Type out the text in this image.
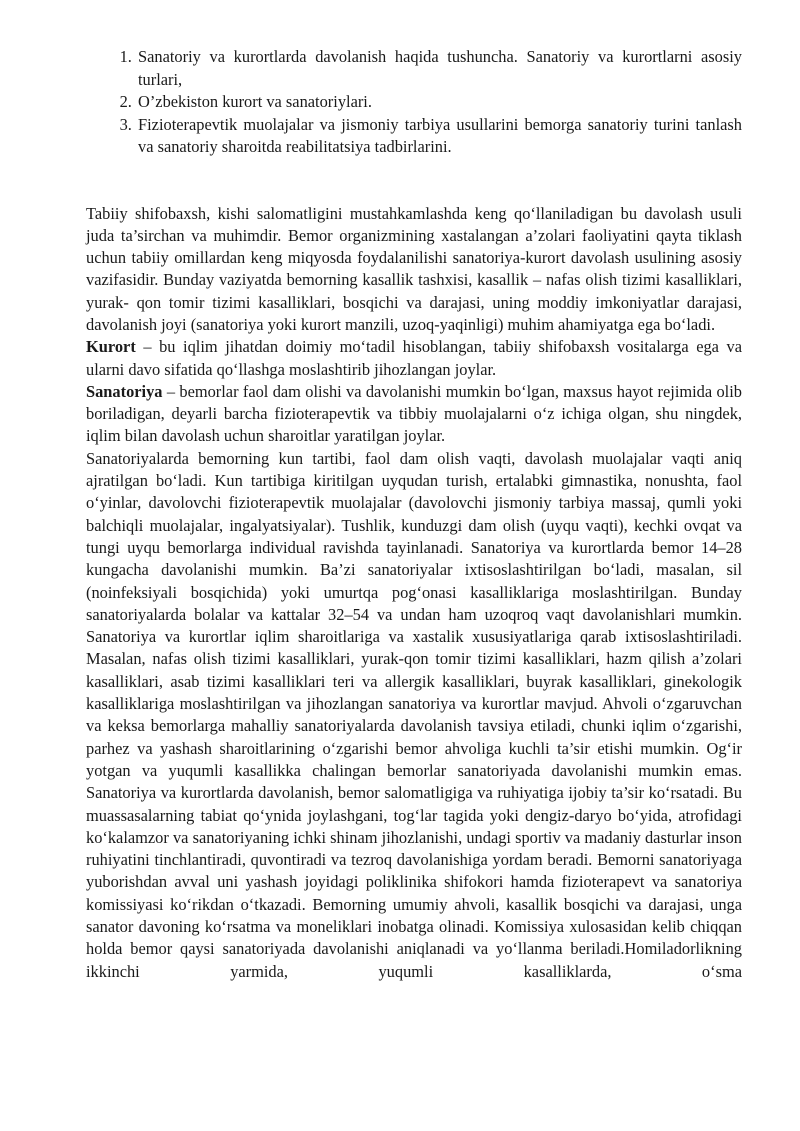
1. Sanatoriy va kurortlarda davolanish haqida tushuncha. Sanatoriy va kurortlarni asosiy turlari,
2. O’zbekiston kurort va sanatoriylari.
3. Fizioterapevtik muolajalar va jismoniy tarbiya usullarini bemorga sanatoriy turini tanlash va sanatoriy sharoitda reabilitatsiya tadbirlarini.

Tabiiy shifobaxsh, kishi salomatligini mustahkamlashda keng qo‘llaniladigan bu davolash usuli juda ta’sirchan va muhimdir. Bemor organizmining xastalangan a’zolari faoliyatini qayta tiklash uchun tabiiy omillardan keng miqyosda foydalanilishi sanatoriya-kurort davolash usulining asosiy vazifasidir. Bunday vaziyatda bemorning kasallik tashxisi, kasallik – nafas olish tizimi kasalliklari, yurak- qon tomir tizimi kasalliklari, bosqichi va darajasi, uning moddiy imkoniyatlar darajasi, davolanish joyi (sanatoriya yoki kurort manzili, uzoq-yaqinligi) muhim ahamiyatga ega bo‘ladi.

Kurort – bu iqlim jihatdan doimiy mo‘tadil hisoblangan, tabiiy shifobaxsh vositalarga ega va ularni davo sifatida qo‘llashga moslashtirib jihozlangan joylar.

Sanatoriya – bemorlar faol dam olishi va davolanishi mumkin bo‘lgan, maxsus hayot rejimida olib boriladigan, deyarli barcha fizioterapevtik va tibbiy muolajalarni o‘z ichiga olgan, shu ningdek, iqlim bilan davolash uchun sharoitlar yaratilgan joylar.

Sanatoriyalarda bemorning kun tartibi, faol dam olish vaqti, davolash muolajalar vaqti aniq ajratilgan bo‘ladi. Kun tartibiga kiritilgan uyqudan turish, ertalabki gimnastika, nonushta, faol o‘yinlar, davolovchi fizioterapevtik muolajalar (davolovchi jismoniy tarbiya massaj, qumli yoki balchiqli muolajalar, ingalyatsiyalar). Tushlik, kunduzgi dam olish (uyqu vaqti), kechki ovqat va tungi uyqu bemorlarga individual ravishda tayinlanadi. Sanatoriya va kurortlarda bemor 14–28 kungacha davolanishi mumkin. Ba’zi sanatoriyalar ixtisoslashtirilgan bo‘ladi, masalan, sil (noinfeksiyali bosqichida) yoki umurtqa pog‘onasi kasalliklariga moslashtirilgan. Bunday sanatoriyalarda bolalar va kattalar 32–54 va undan ham uzoqroq vaqt davolanishlari mumkin. Sanatoriya va kurortlar iqlim sharoitlariga va xastalik xususiyatlariga qarab ixtisoslashtiriladi. Masalan, nafas olish tizimi kasalliklari, yurak-qon tomir tizimi kasalliklari, hazm qilish a’zolari kasalliklari, asab tizimi kasalliklari teri va allergik kasalliklari, buyrak kasalliklari, ginekologik kasalliklariga moslashtirilgan va jihozlangan sanatoriya va kurortlar mavjud. Ahvoli o‘zgaruvchan va keksa bemorlarga mahalliy sanatoriyalarda davolanish tavsiya etiladi, chunki iqlim o‘zgarishi, parhez va yashash sharoitlarining o‘zgarishi bemor ahvoliga kuchli ta’sir etishi mumkin. Og‘ir yotgan va yuqumli kasallikka chalingan bemorlar sanatoriyada davolanishi mumkin emas. Sanatoriya va kurortlarda davolanish, bemor salomatligiga va ruhiyatiga ijobiy ta’sir ko‘rsatadi. Bu muassasalarning tabiat qo‘ynida joylashgani, tog‘lar tagida yoki dengiz-daryo bo‘yida, atrofidagi ko‘kalamzor va sanatoriyaning ichki shinam jihozlanishi, undagi sportiv va madaniy dasturlar inson ruhiyatini tinchlantiradi, quvontiradi va tezroq davolanishiga yordam beradi. Bemorni sanatoriyaga yuborishdan avval uni yashash joyidagi poliklinika shifokori hamda fizioterapevt va sanatoriya komissiyasi ko‘rikdan o‘tkazadi. Bemorning umumiy ahvoli, kasallik bosqichi va darajasi, unga sanator davoning ko‘rsatma va moneliklari inobatga olinadi. Komissiya xulosasidan kelib chiqqan holda bemor qaysi sanatoriyada davolanishi aniqlanadi va yo‘llanma beriladi.Homiladorlikning ikkinchi yarmida, yuqumli kasalliklarda, o‘sma
